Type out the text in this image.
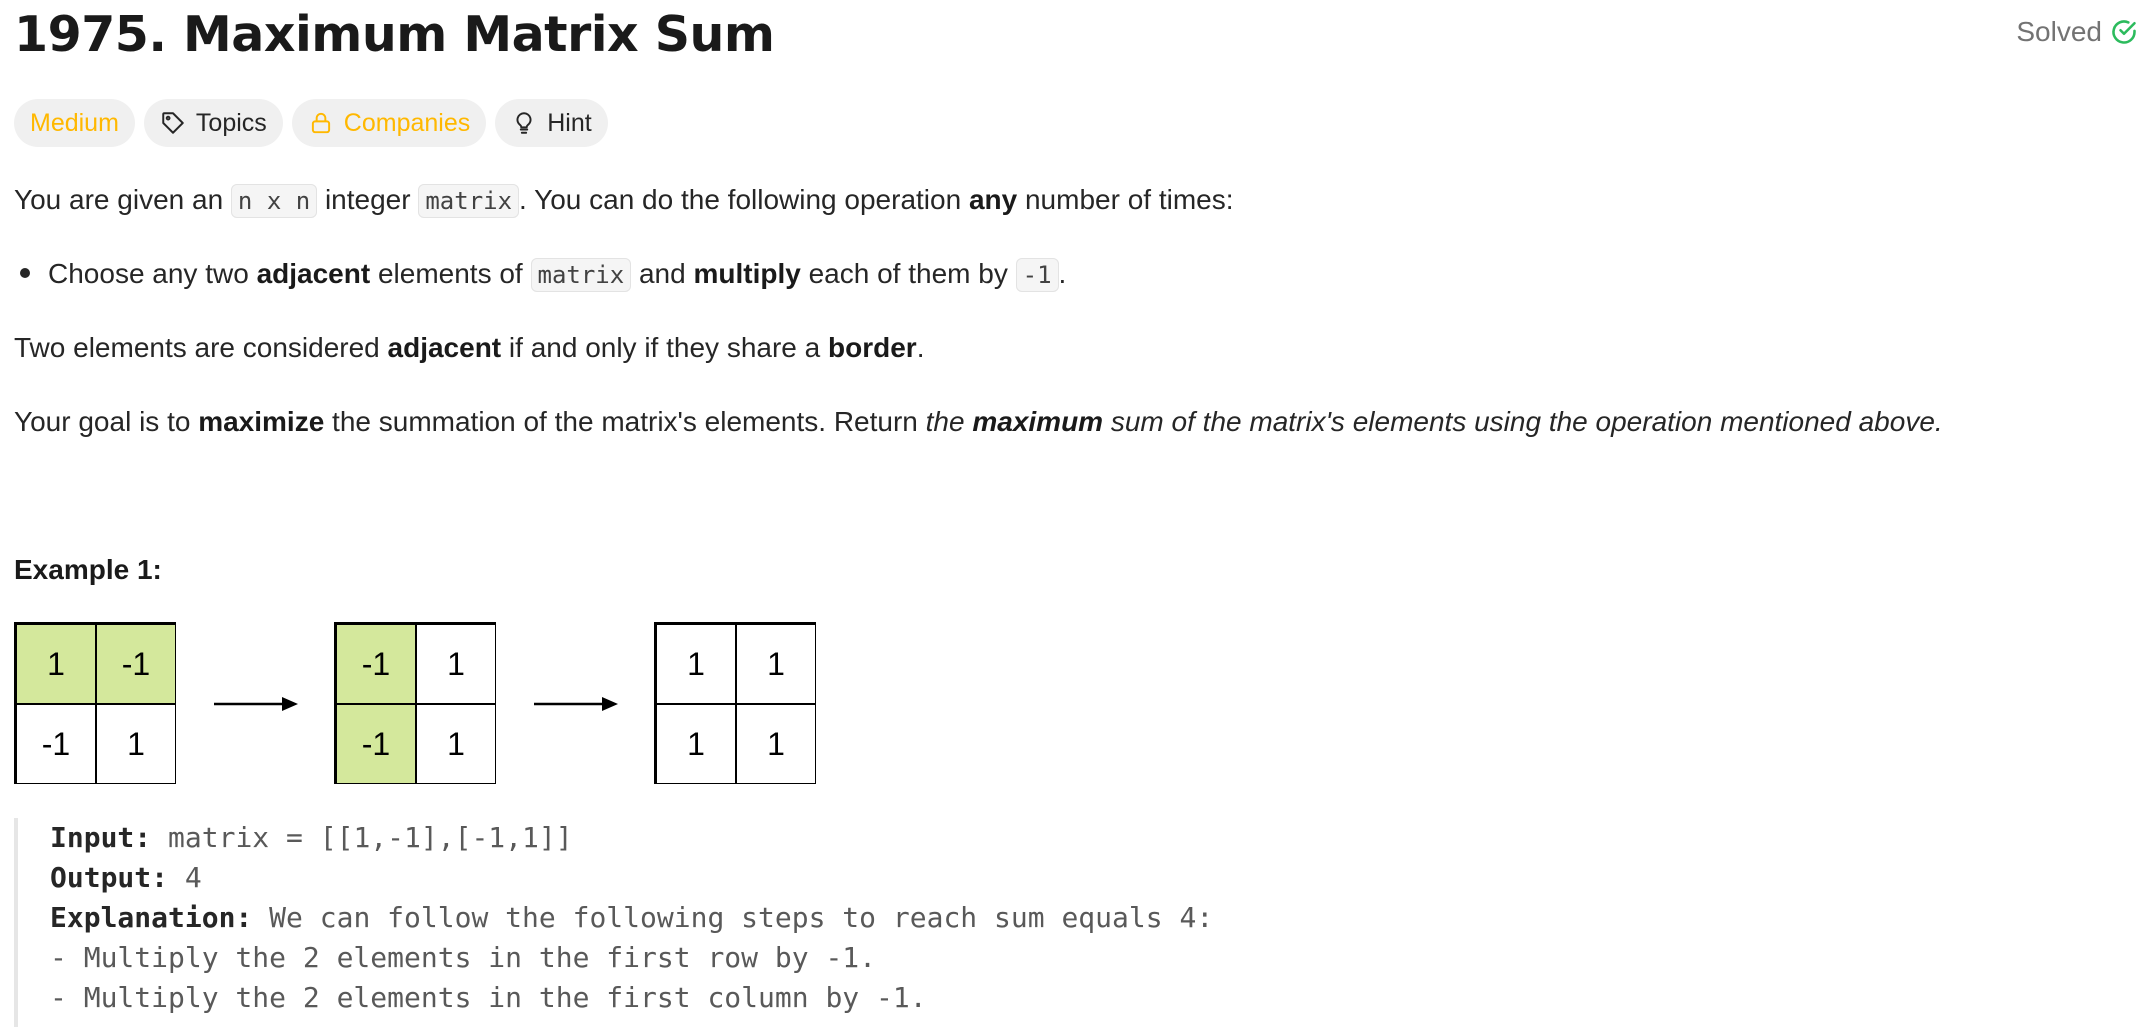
1975. Maximum Matrix Sum	Solved
Medium	Topics	Companies	Hint
You are given an n x n integer matrix . You can do the following operation any number of times:
Choose any two adjacent elements of matrix and multiply each of them by -1 .
Two elements are considered adjacent if and only if they share a border.
Your goal is to maximize the summation of the matrix's elements. Return the maximum sum of the matrix's elements using the operation mentioned above.
Example 1:
1	-1
-1	1
-1	1
-1	1
1	1
1	1
Input: matrix = [[1,-1],[-1,1]]
Output: 4
Explanation: We can follow the following steps to reach sum equals 4:
- Multiply the 2 elements in the first row by -1.
- Multiply the 2 elements in the first column by -1.
